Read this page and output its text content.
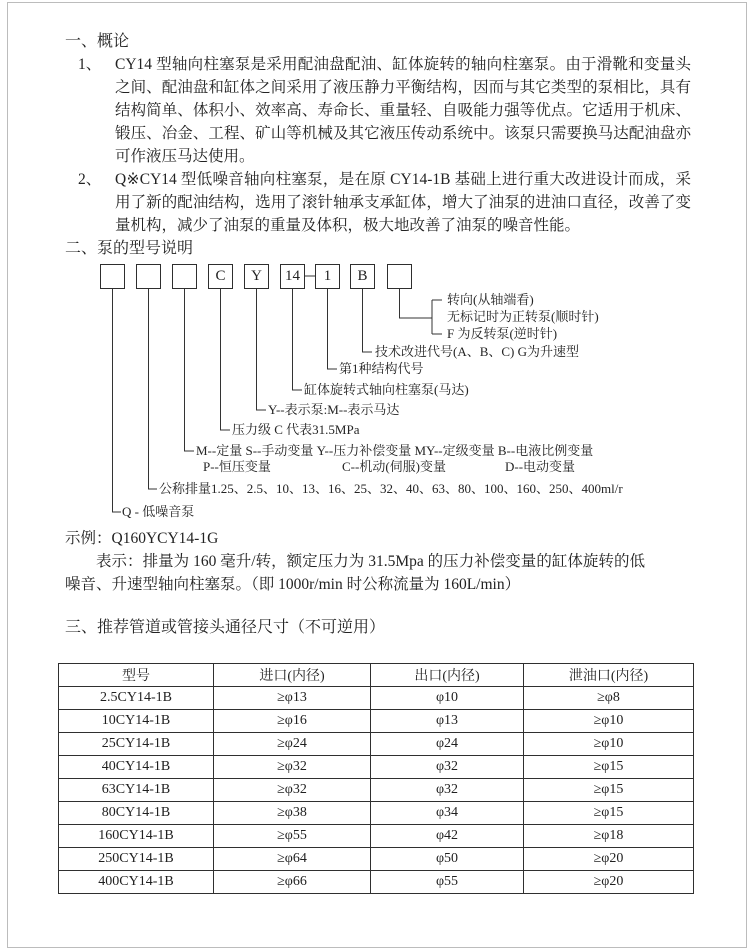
一、概论
1、 CY14 型轴向柱塞泵是采用配油盘配油、缸体旋转的轴向柱塞泵。由于滑靴和变量头之间、配油盘和缸体之间采用了液压静力平衡结构，因而与其它类型的泵相比，具有结构简单、体积小、效率高、寿命长、重量轻、自吸能力强等优点。它适用于机床、锻压、冶金、工程、矿山等机械及其它液压传动系统中。该泵只需要换马达配油盘亦可作液压马达使用。

2、 Q※CY14 型低噪音轴向柱塞泵，是在原 CY14-1B 基础上进行重大改进设计而成，采用了新的配油结构，选用了滚针轴承支承缸体，增大了油泵的进油口直径，改善了变量机构，减少了油泵的重量及体积，极大地改善了油泵的噪音性能。

二、泵的型号说明
C	Y	14	1	B
转向(从轴端看)
无标记时为正转泵(顺时针)
F 为反转泵(逆时针)
技术改进代号(A、B、C) G为升速型
第1种结构代号
缸体旋转式轴向柱塞泵(马达)
Y--表示泵:M--表示马达
压力级 C 代表31.5MPa
M--定量 S--手动变量 Y--压力补偿变量 MY--定级变量 B--电液比例变量
P--恒压变量	C--机动(伺服)变量	D--电动变量
公称排量1.25、2.5、10、13、16、25、32、40、63、80、100、160、250、400ml/r
Q - 低噪音泵

示例：Q160YCY14-1G

表示：排量为 160 毫升/转，额定压力为 31.5Mpa 的压力补偿变量的缸体旋转的低噪音、升速型轴向柱塞泵。（即 1000r/min 时公称流量为 160L/min）

三、推荐管道或管接头通径尺寸（不可逆用）
型号	进口(内径)	出口(内径)	泄油口(内径)
2.5CY14-1B	≥φ13	φ10	≥φ8
10CY14-1B	≥φ16	φ13	≥φ10
25CY14-1B	≥φ24	φ24	≥φ10
40CY14-1B	≥φ32	φ32	≥φ15
63CY14-1B	≥φ32	φ32	≥φ15
80CY14-1B	≥φ38	φ34	≥φ15
160CY14-1B	≥φ55	φ42	≥φ18
250CY14-1B	≥φ64	φ50	≥φ20
400CY14-1B	≥φ66	φ55	≥φ20
